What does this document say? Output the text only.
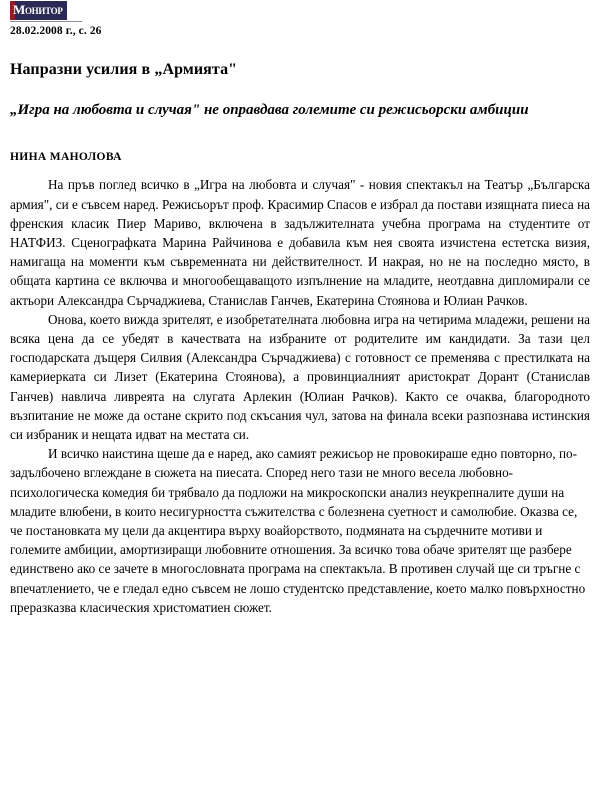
Монитор
28.02.2008 г., с. 26
Напразни усилия в „Армията"
„Игра на любовта и случая" не оправдава големите си режисьорски амбиции
НИНА МАНОЛОВА

На пръв поглед всичко в „Игра на любовта и случая" - новия спектакъл на Театър „Българска армия", си е съвсем наред. Режисьорът проф. Красимир Спасов е избрал да постави изящната пиеса на френския класик Пиер Мариво, включена в задължителната учебна програма на студентите от НАТФИЗ. Сценографката Марина Райчинова е добавила към нея своята изчистена естетска визия, намигаща на моменти към съвременната ни действителност. И накрая, но не на последно място, в общата картина се включва и многообещаващото изпълнение на младите, неотдавна дипломирали се актьори Александра Сърчаджиева, Станислав Ганчев, Екатерина Стоянова и Юлиан Рачков.

Онова, което вижда зрителят, е изобретателната любовна игра на четирима младежи, решени на всяка цена да се убедят в качествата на избраните от родителите им кандидати. За тази цел господарската дъщеря Силвия (Александра Сърчаджиева) с готовност се пременява с престилката на камериерката си Лизет (Екатерина Стоянова), а провинциалният аристократ Дорант (Станислав Ганчев) навлича ливреята на слугата Арлекин (Юлиан Рачков). Както се очаква, благородното възпитание не може да остане скрито под скъсания чул, затова на финала всеки разпознава истинския си избраник и нещата идват на местата си.

И всичко наистина щеше да е наред, ако самият режисьор не провокираше едно повторно, по-задълбочено вглеждане в сюжета на пиесата. Според него тази не много весела любовно-психологическа комедия би трябвало да подложи на микроскопски анализ неукрепналите души на младите влюбени, в които несигурността съжителства с болезнена суетност и самолюбие. Оказва се, че постановката му цели да акцентира върху воайорството, подмяната на сърдечните мотиви и големите амбиции, амортизиращи любовните отношения. За всичко това обаче зрителят ще разбере единствено ако се зачете в многословната програма на спектакъла. В противен случай ще си тръгне с впечатлението, че е гледал едно съвсем не лошо студентско представление, което малко повърхностно преразказва класическия христоматиен сюжет.
